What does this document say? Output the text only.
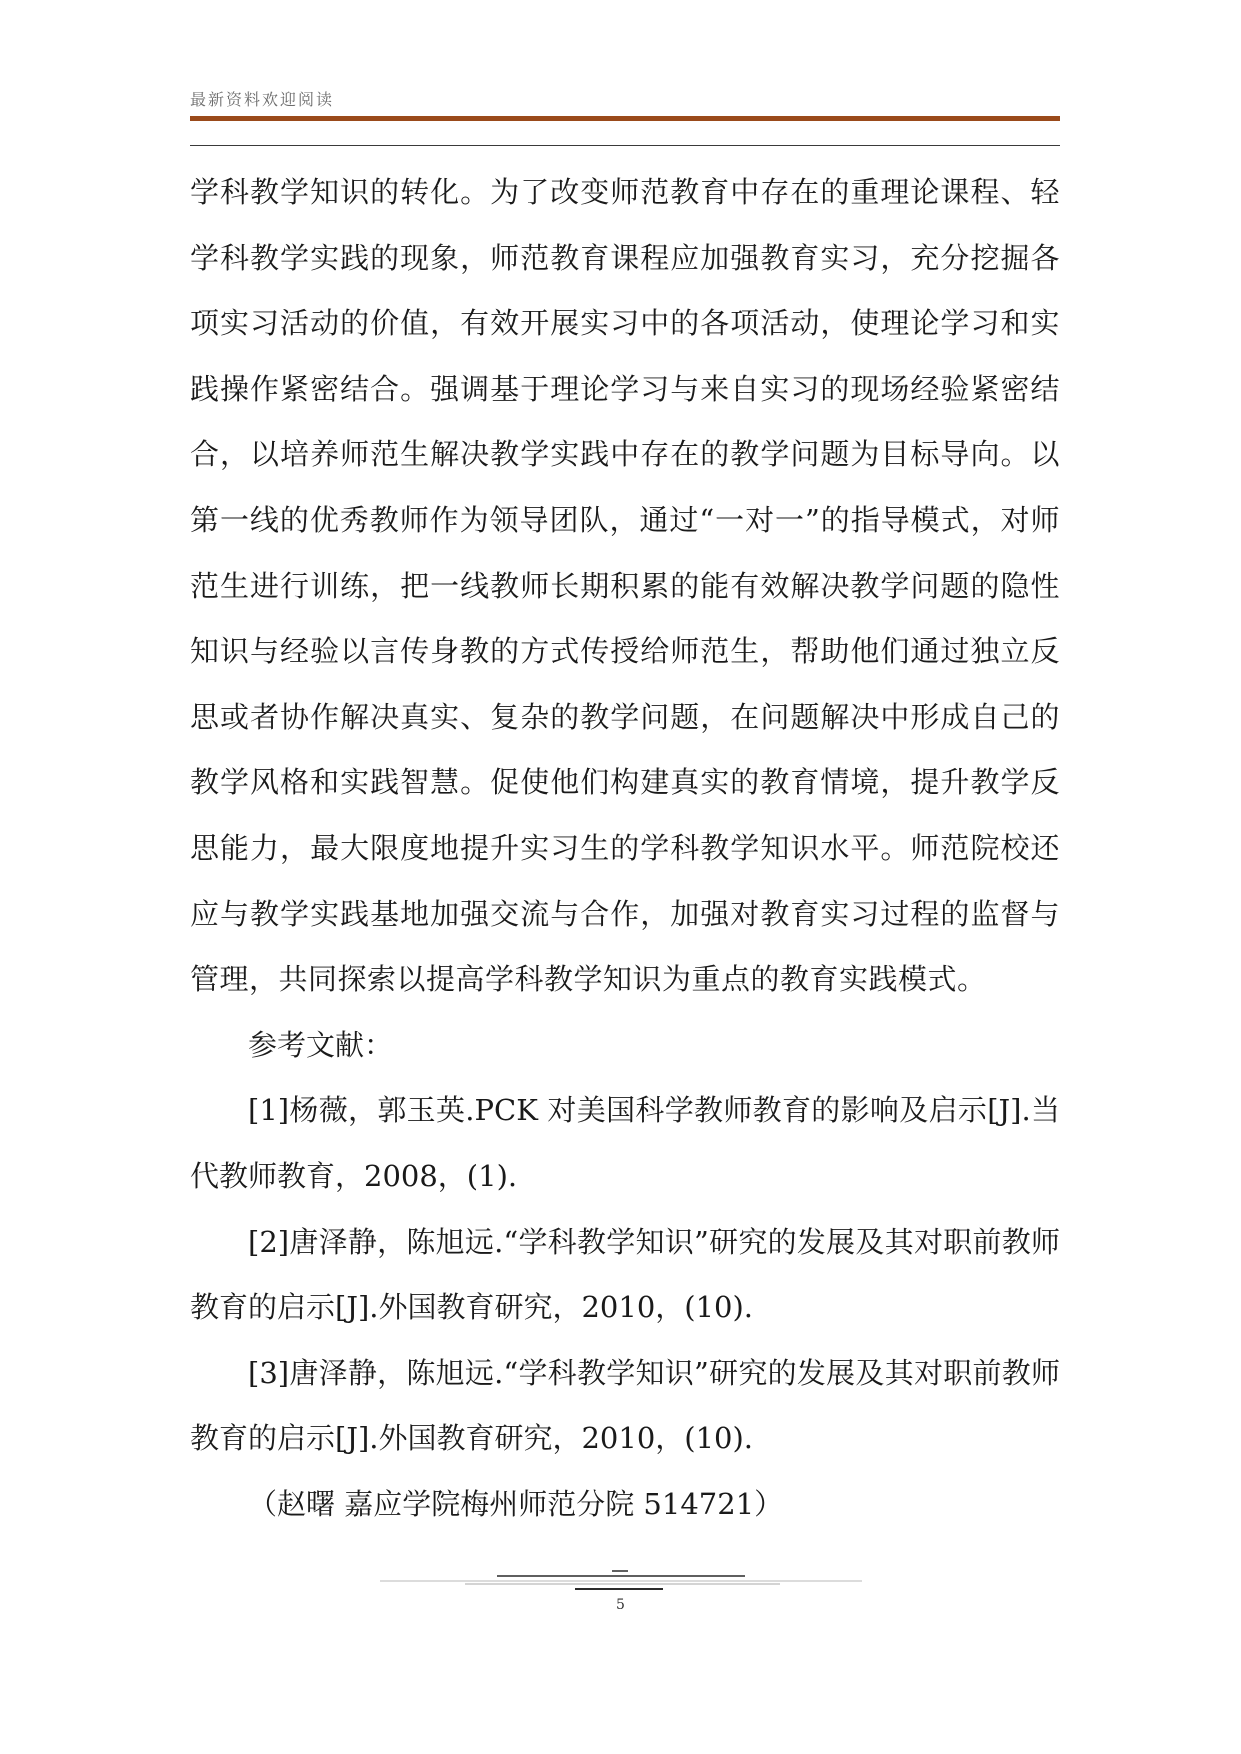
最新资料欢迎阅读

学科教学知识的转化。为了改变师范教育中存在的重理论课程、轻学科教学实践的现象，师范教育课程应加强教育实习，充分挖掘各项实习活动的价值，有效开展实习中的各项活动，使理论学习和实践操作紧密结合。强调基于理论学习与来自实习的现场经验紧密结合，以培养师范生解决教学实践中存在的教学问题为目标导向。以第一线的优秀教师作为领导团队，通过“一对一”的指导模式，对师范生进行训练，把一线教师长期积累的能有效解决教学问题的隐性知识与经验以言传身教的方式传授给师范生，帮助他们通过独立反思或者协作解决真实、复杂的教学问题，在问题解决中形成自己的教学风格和实践智慧。促使他们构建真实的教育情境，提升教学反思能力，最大限度地提升实习生的学科教学知识水平。师范院校还应与教学实践基地加强交流与合作，加强对教育实习过程的监督与管理，共同探索以提高学科教学知识为重点的教育实践模式。

参考文献：

[1]杨薇，郭玉英.PCK 对美国科学教师教育的影响及启示[J].当代教师教育，2008，(1).

[2]唐泽静，陈旭远.“学科教学知识”研究的发展及其对职前教师教育的启示[J].外国教育研究，2010，(10).

[3]唐泽静，陈旭远.“学科教学知识”研究的发展及其对职前教师教育的启示[J].外国教育研究，2010，(10).

（赵曙 嘉应学院梅州师范分院 514721）

5
